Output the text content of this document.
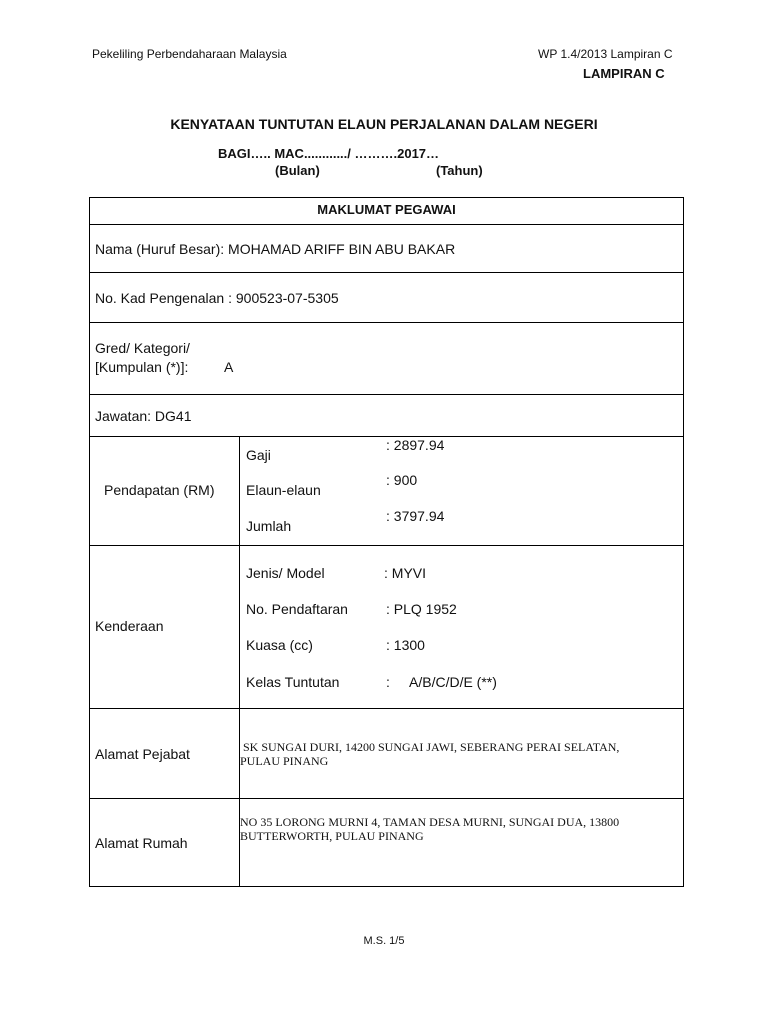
Pekeliling Perbendaharaan Malaysia	WP 1.4/2013 Lampiran C
LAMPIRAN C
KENYATAAN TUNTUTAN ELAUN PERJALANAN DALAM NEGERI
BAGI….. MAC............/ ……….2017…
(Bulan)	(Tahun)
MAKLUMAT PEGAWAI
Nama (Huruf Besar): MOHAMAD ARIFF BIN ABU BAKAR
No. Kad Pengenalan : 900523-07-5305
Gred/ Kategori/
[Kumpulan (*)]:	A
Jawatan: DG41
Pendapatan (RM)
Gaji
: 2897.94
Elaun-elaun
: 900
Jumlah
: 3797.94
Kenderaan
Jenis/ Model	: MYVI
No. Pendaftaran	: PLQ 1952
Kuasa (cc)	: 1300
Kelas Tuntutan	: A/B/C/D/E (**)
Alamat Pejabat	SK SUNGAI DURI, 14200 SUNGAI JAWI, SEBERANG PERAI SELATAN,
PULAU PINANG
Alamat Rumah
NO 35 LORONG MURNI 4, TAMAN DESA MURNI, SUNGAI DUA, 13800
BUTTERWORTH, PULAU PINANG
M.S. 1/5
